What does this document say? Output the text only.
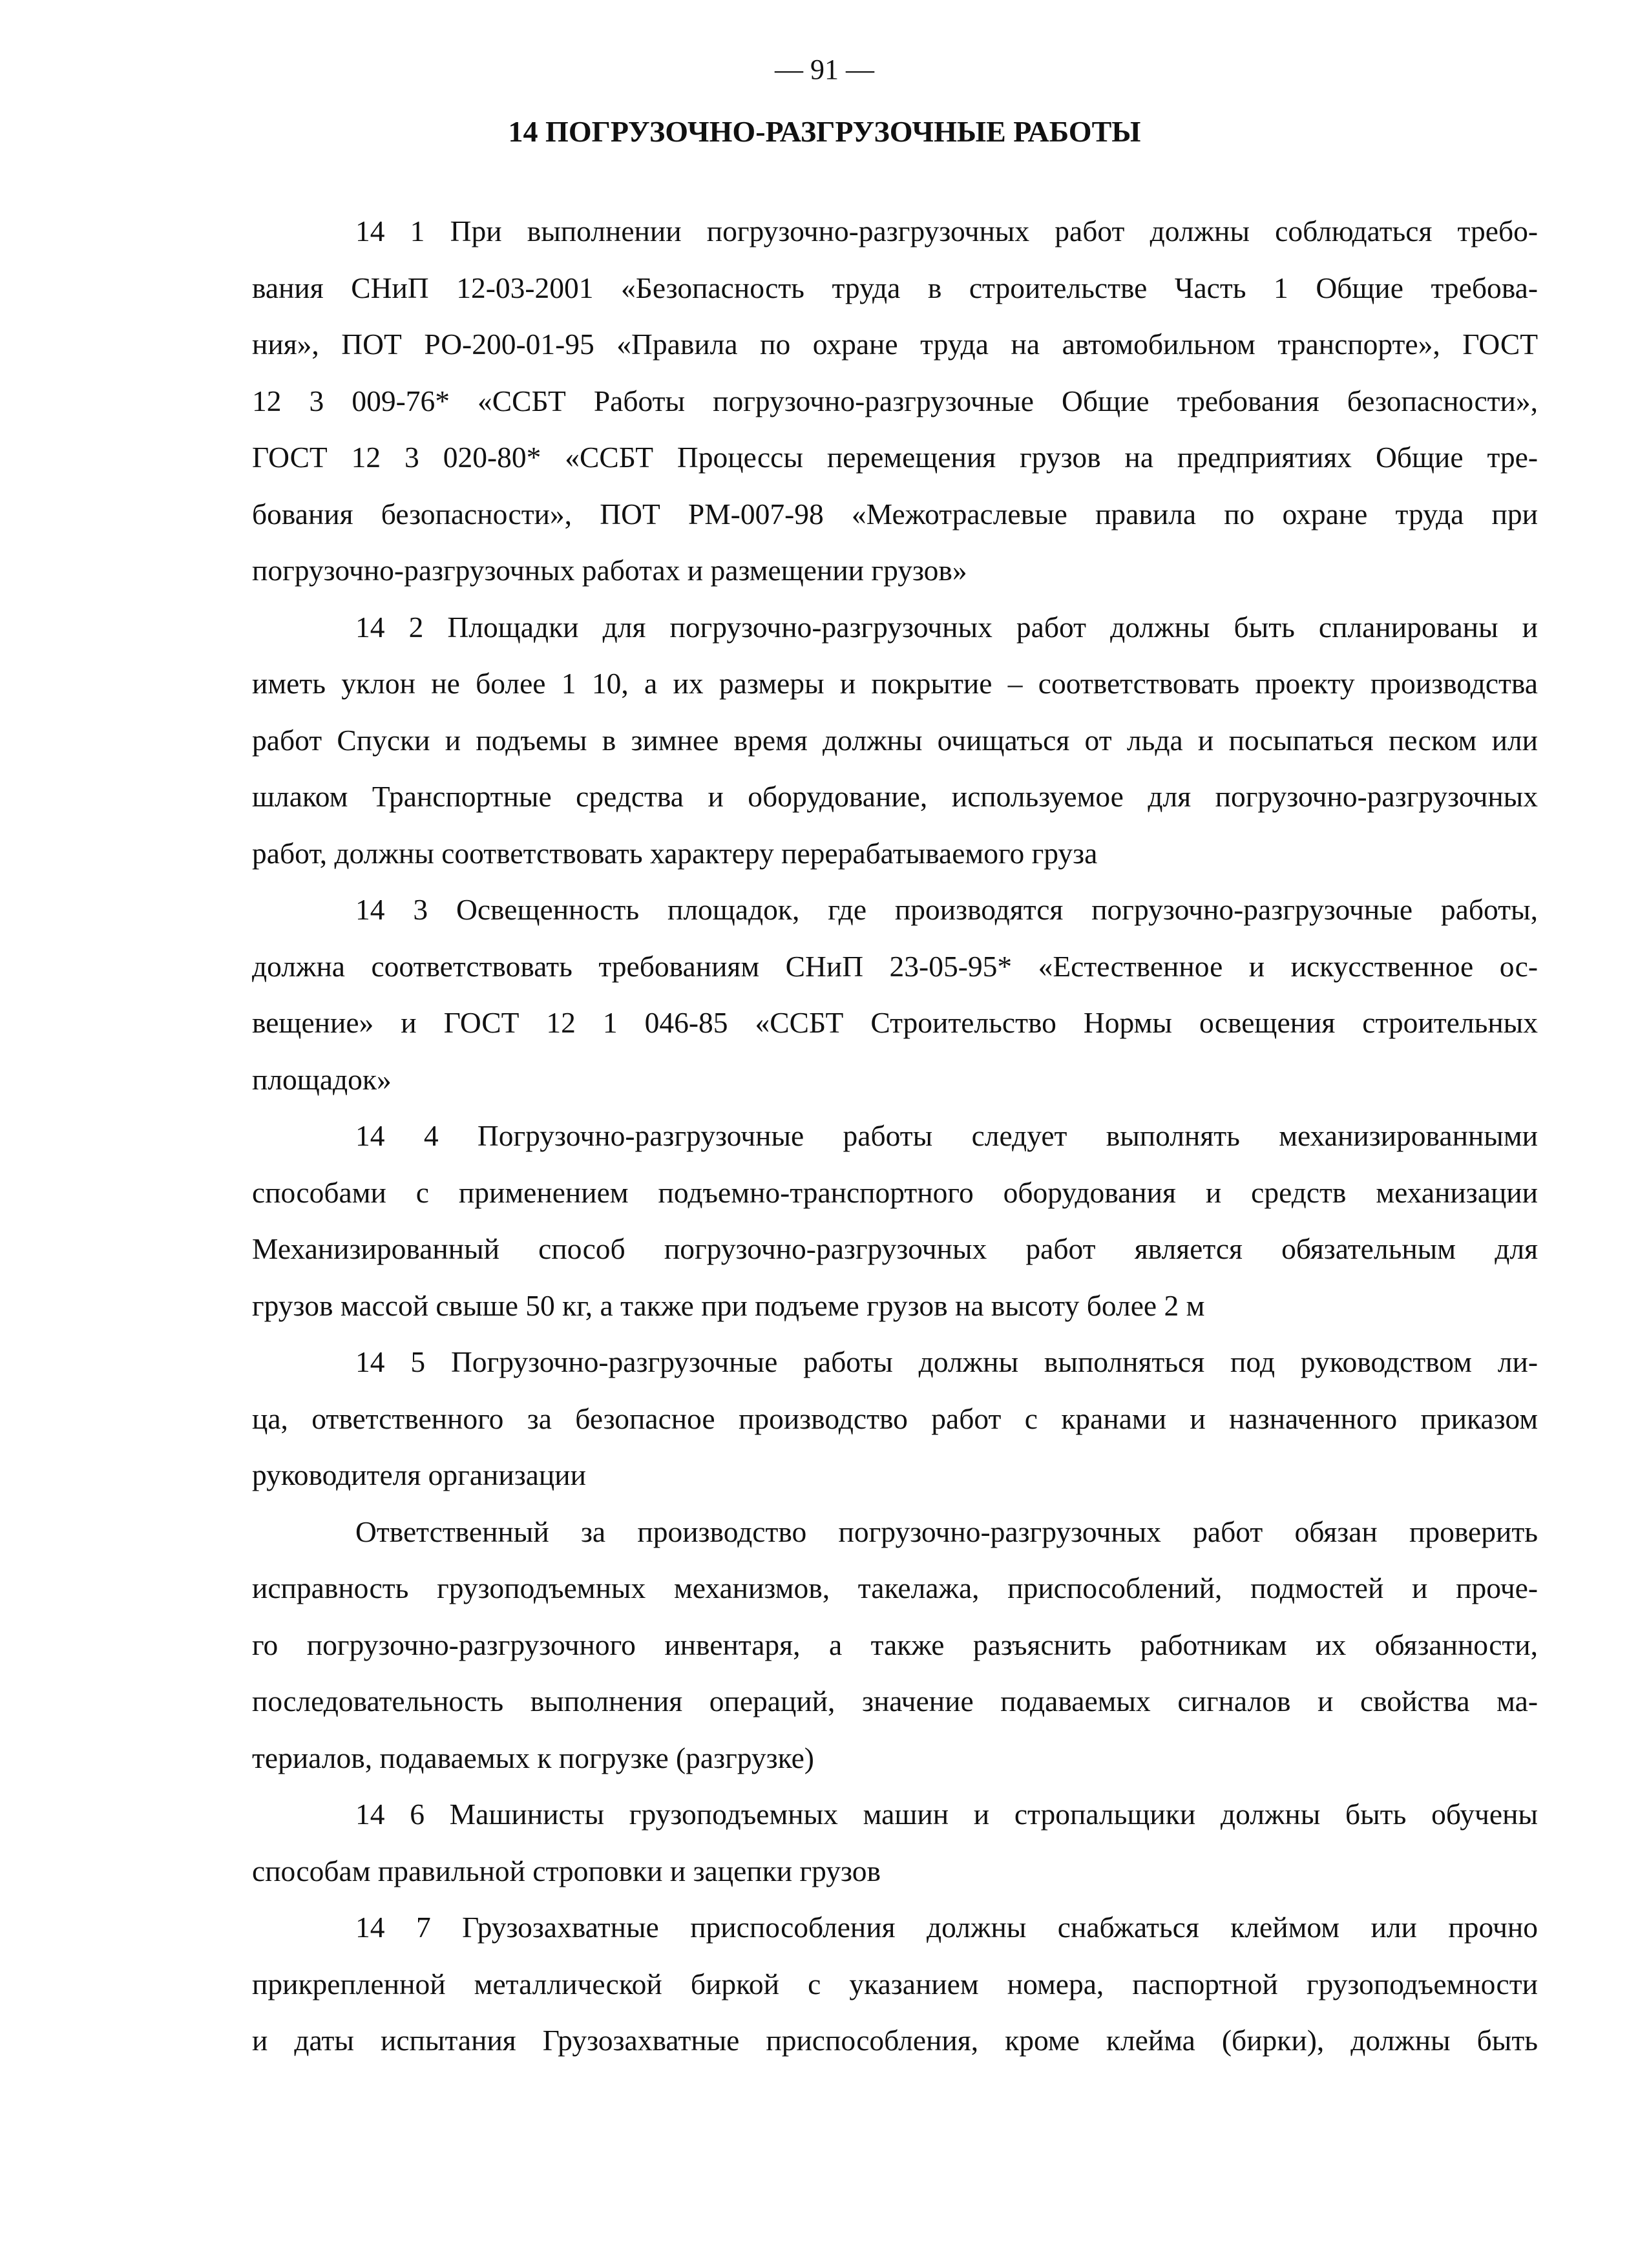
— 91 —
14 ПОГРУЗОЧНО-РАЗГРУЗОЧНЫЕ РАБОТЫ
14 1 При выполнении погрузочно-разгрузочных работ должны соблюдаться требо-
вания СНиП 12-03-2001 «Безопасность труда в строительстве Часть 1 Общие требова-
ния», ПОТ РО-200-01-95 «Правила по охране труда на автомобильном транспорте», ГОСТ
12 3 009-76* «ССБТ Работы погрузочно-разгрузочные Общие требования безопасности»,
ГОСТ 12 3 020-80* «ССБТ Процессы перемещения грузов на предприятиях Общие тре-
бования безопасности», ПОТ РМ-007-98 «Межотраслевые правила по охране труда при
погрузочно-разгрузочных работах и размещении грузов»
14 2 Площадки для погрузочно-разгрузочных работ должны быть спланированы и
иметь уклон не более 1 10, а их размеры и покрытие – соответствовать проекту производства
работ Спуски и подъемы в зимнее время должны очищаться от льда и посыпаться песком или
шлаком Транспортные средства и оборудование, используемое для погрузочно-разгрузочных
работ, должны соответствовать характеру перерабатываемого груза
14 3 Освещенность площадок, где производятся погрузочно-разгрузочные работы,
должна соответствовать требованиям СНиП 23-05-95* «Естественное и искусственное ос-
вещение» и ГОСТ 12 1 046-85 «ССБТ Строительство Нормы освещения строительных
площадок»
14 4 Погрузочно-разгрузочные работы следует выполнять механизированными
способами с применением подъемно-транспортного оборудования и средств механизации
Механизированный способ погрузочно-разгрузочных работ является обязательным для
грузов массой свыше 50 кг, а также при подъеме грузов на высоту более 2 м
14 5 Погрузочно-разгрузочные работы должны выполняться под руководством ли-
ца, ответственного за безопасное производство работ с кранами и назначенного приказом
руководителя организации
Ответственный за производство погрузочно-разгрузочных работ обязан проверить
исправность грузоподъемных механизмов, такелажа, приспособлений, подмостей и проче-
го погрузочно-разгрузочного инвентаря, а также разъяснить работникам их обязанности,
последовательность выполнения операций, значение подаваемых сигналов и свойства ма-
териалов, подаваемых к погрузке (разгрузке)
14 6 Машинисты грузоподъемных машин и стропальщики должны быть обучены
способам правильной строповки и зацепки грузов
14 7 Грузозахватные приспособления должны снабжаться клеймом или прочно
прикрепленной металлической биркой с указанием номера, паспортной грузоподъемности
и даты испытания Грузозахватные приспособления, кроме клейма (бирки), должны быть
